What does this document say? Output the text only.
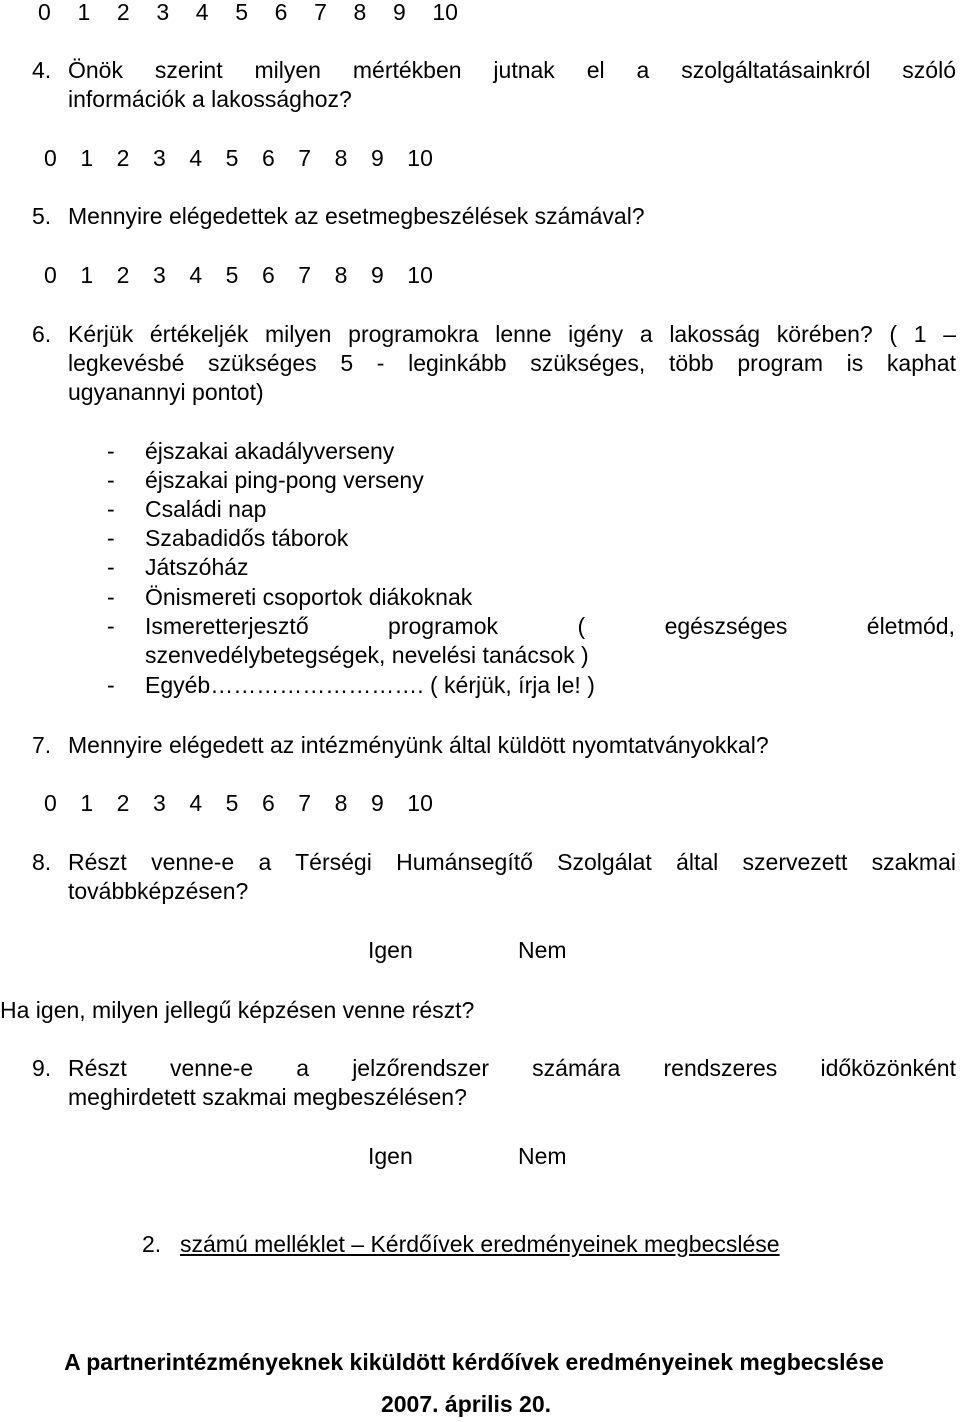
0 1 2 3 4 5 6 7 8 9 10
4. Önök szerint milyen mértékben jutnak el a szolgáltatásainkról szóló
információk a lakossághoz?
0 1 2 3 4 5 6 7 8 9 10
5. Mennyire elégedettek az esetmegbeszélések számával?
0 1 2 3 4 5 6 7 8 9 10
6. Kérjük értékeljék milyen programokra lenne igény a lakosság körében? ( 1 –
legkevésbé szükséges 5 - leginkább szükséges, több program is kaphat
ugyanannyi pontot)
- éjszakai akadályverseny
- éjszakai ping-pong verseny
- Családi nap
- Szabadidős táborok
- Játszóház
- Önismereti csoportok diákoknak
- Ismeretterjesztő programok ( egészséges életmód,
szenvedélybetegségek, nevelési tanácsok )
- Egyéb………………………. ( kérjük, írja le! )
7. Mennyire elégedett az intézményünk által küldött nyomtatványokkal?
0 1 2 3 4 5 6 7 8 9 10
8. Részt venne-e a Térségi Humánsegítő Szolgálat által szervezett szakmai
továbbképzésen?
Igen	Nem
Ha igen, milyen jellegű képzésen venne részt?
9. Részt venne-e a jelzőrendszer számára rendszeres időközönként
meghirdetett szakmai megbeszélésen?
Igen	Nem
2. számú melléklet – Kérdőívek eredményeinek megbecslése
A partnerintézményeknek kiküldött kérdőívek eredményeinek megbecslése
2007. április 20.
